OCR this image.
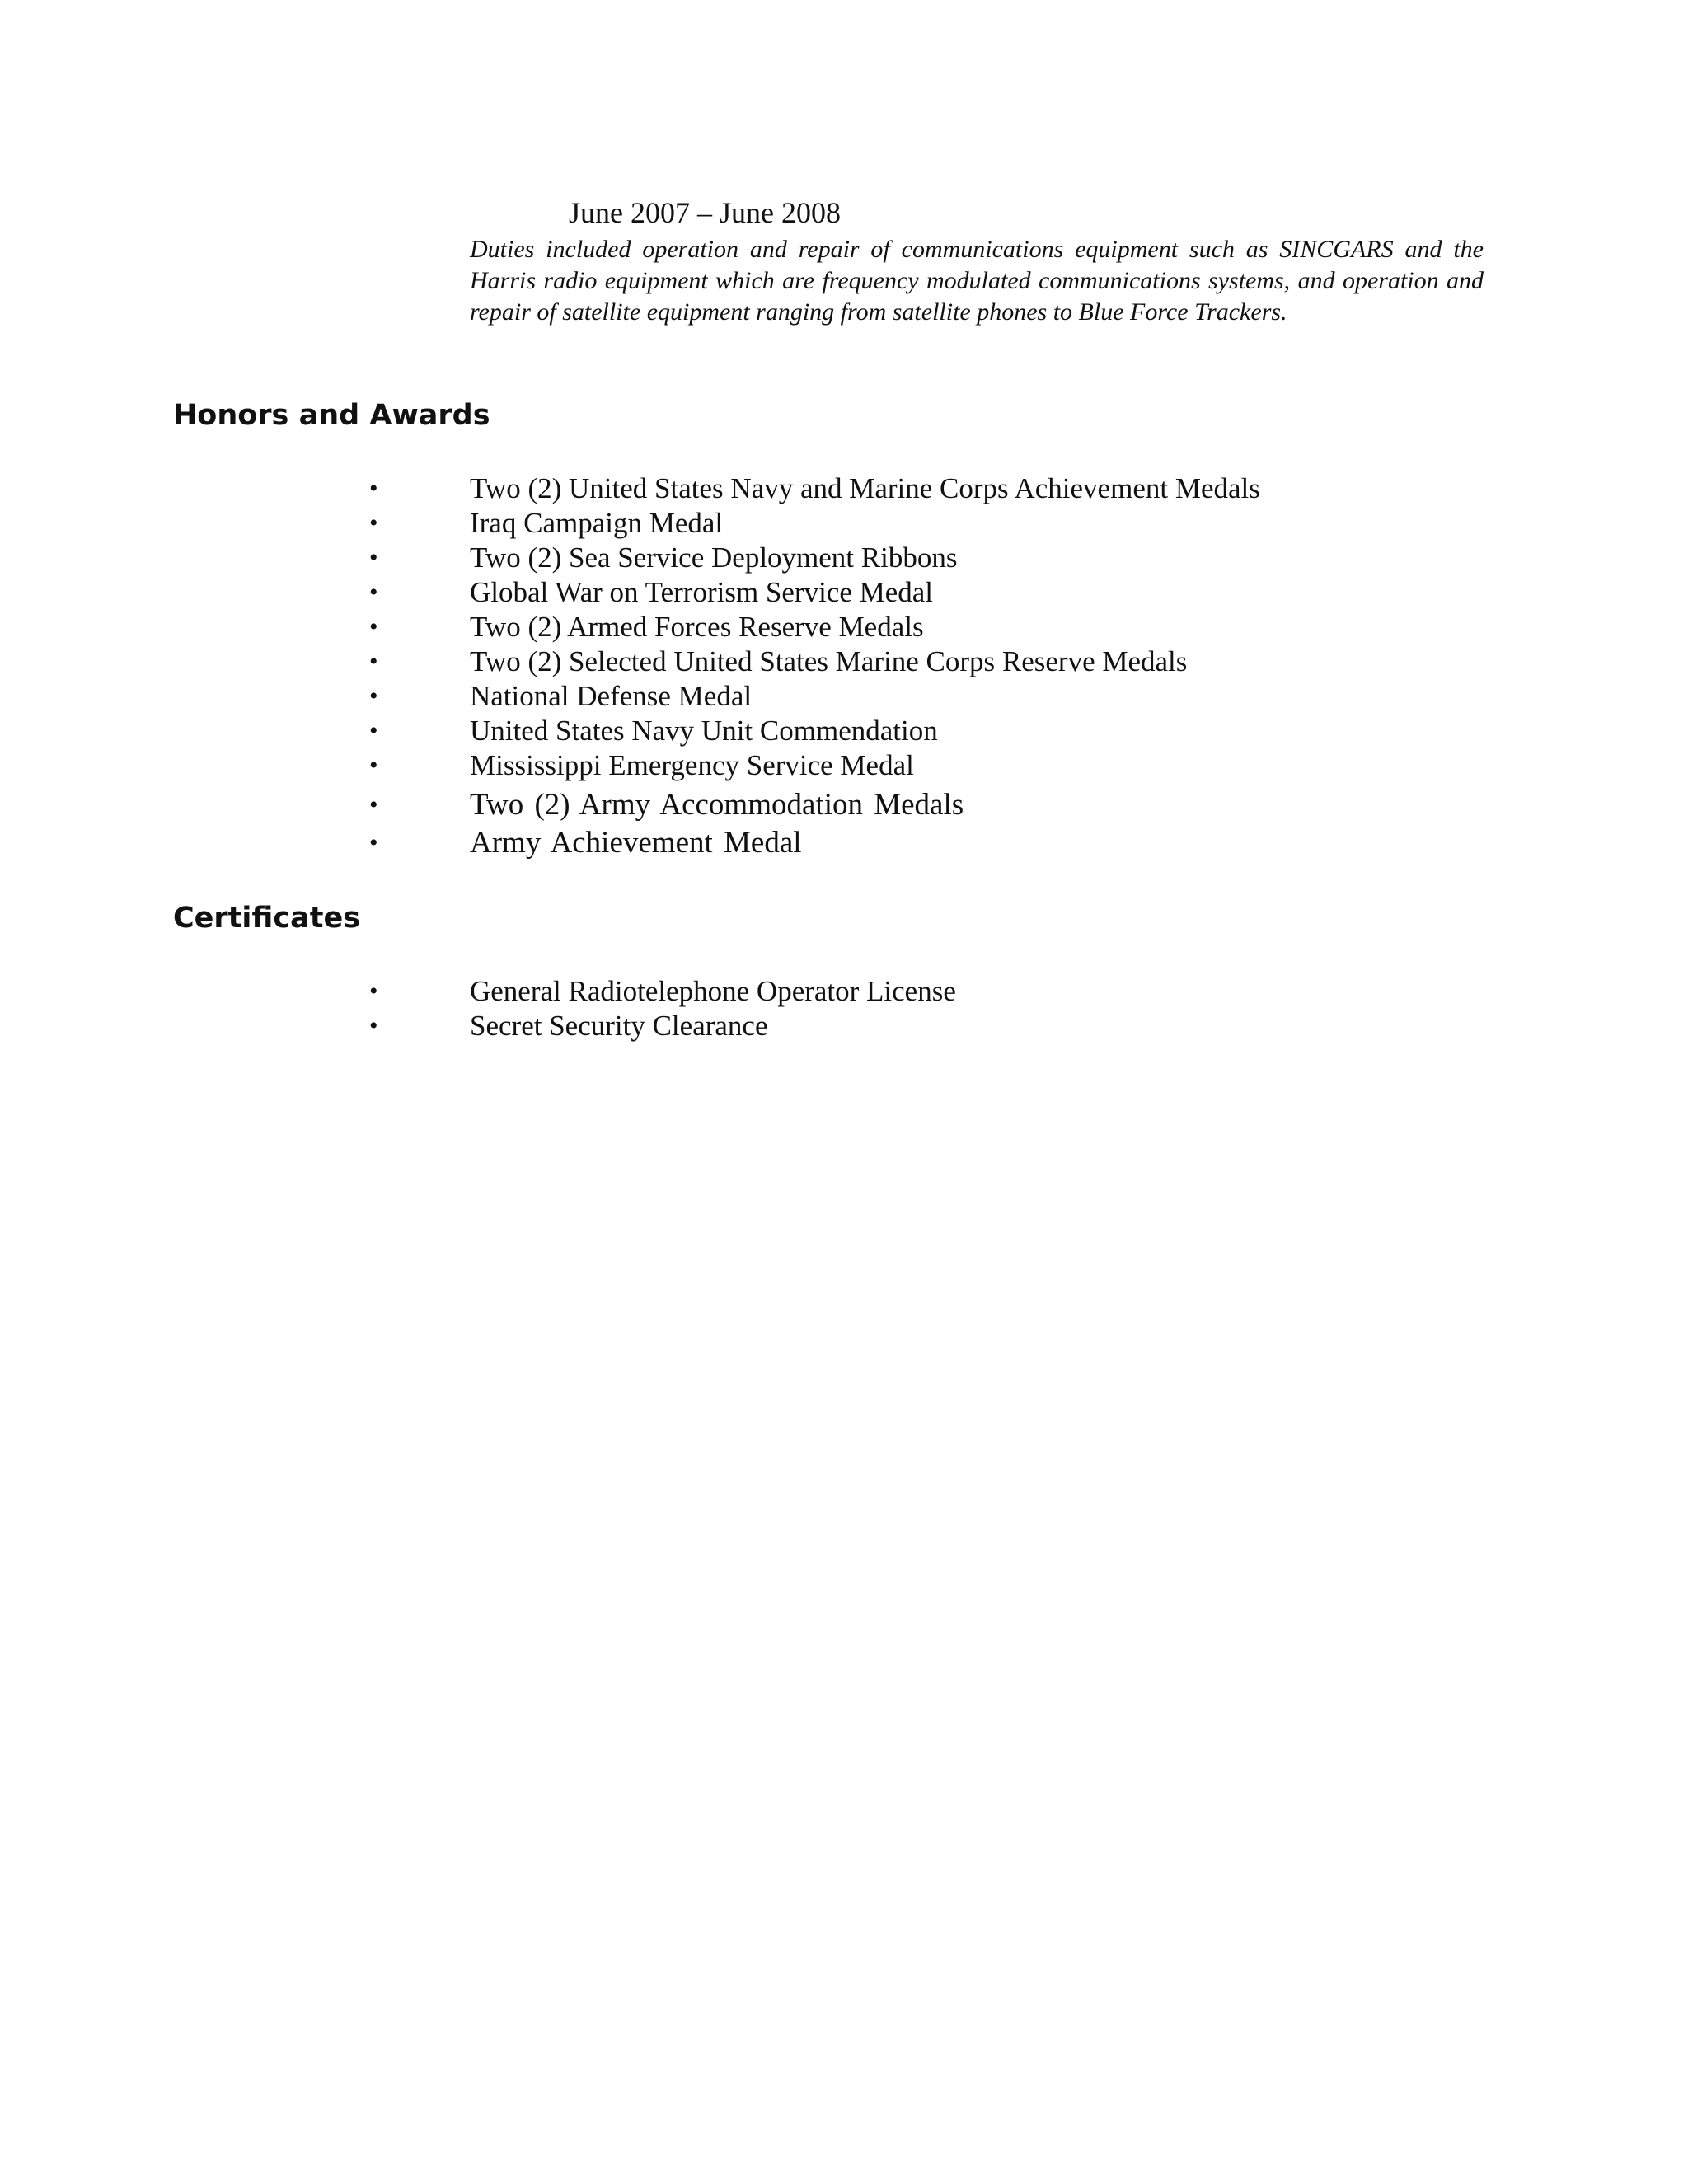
June 2007 – June 2008
Duties included operation and repair of communications equipment such as SINCGARS and the Harris radio equipment which are frequency modulated communications systems, and operation and repair of satellite equipment ranging from satellite phones to Blue Force Trackers.
Honors and Awards
•	Two (2) United States Navy and Marine Corps Achievement Medals
•	Iraq Campaign Medal
•	Two (2) Sea Service Deployment Ribbons
•	Global War on Terrorism Service Medal
•	Two (2) Armed Forces Reserve Medals
•	Two (2) Selected United States Marine Corps Reserve Medals
•	National Defense Medal
•	United States Navy Unit Commendation
•	Mississippi Emergency Service Medal
•	Two (2) Army Accommodation Medals
•	Army Achievement Medal
Certificates
•	General Radiotelephone Operator License
•	Secret Security Clearance
